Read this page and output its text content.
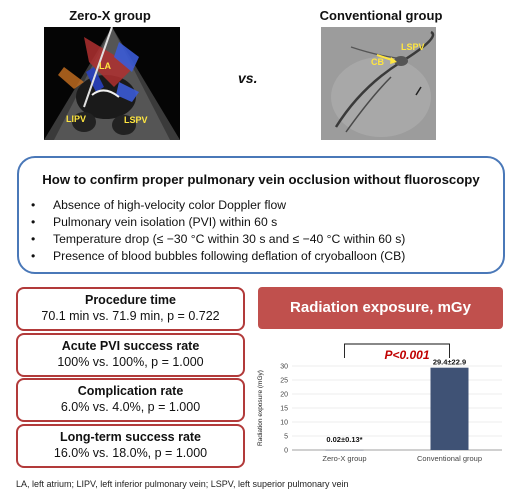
Zero-X group	Conventional group
LA
LIPV	LSPV
vs.
LSPV
CB
How to confirm proper pulmonary vein occlusion without fluoroscopy
• Absence of high-velocity color Doppler flow
• Pulmonary vein isolation (PVI) within 60 s
• Temperature drop (≤ −30 °C within 30 s and ≤ −40 °C within 60 s)
• Presence of blood bubbles following deflation of cryoballoon (CB)
Procedure time
70.1 min vs. 71.9 min, p = 0.722
Acute PVI success rate
100% vs. 100%, p = 1.000
Complication rate
6.0% vs. 4.0%, p = 1.000
Long-term success rate
16.0% vs. 18.0%, p = 1.000
Radiation exposure, mGy
0
5
10
15
20
25
30
Radiation exposure (mGy)	0.02±0.13*
Zero-X group
29.4±22.9
Conventional group
P<0.001
LA, left atrium; LIPV, left inferior pulmonary vein; LSPV, left superior pulmonary vein
